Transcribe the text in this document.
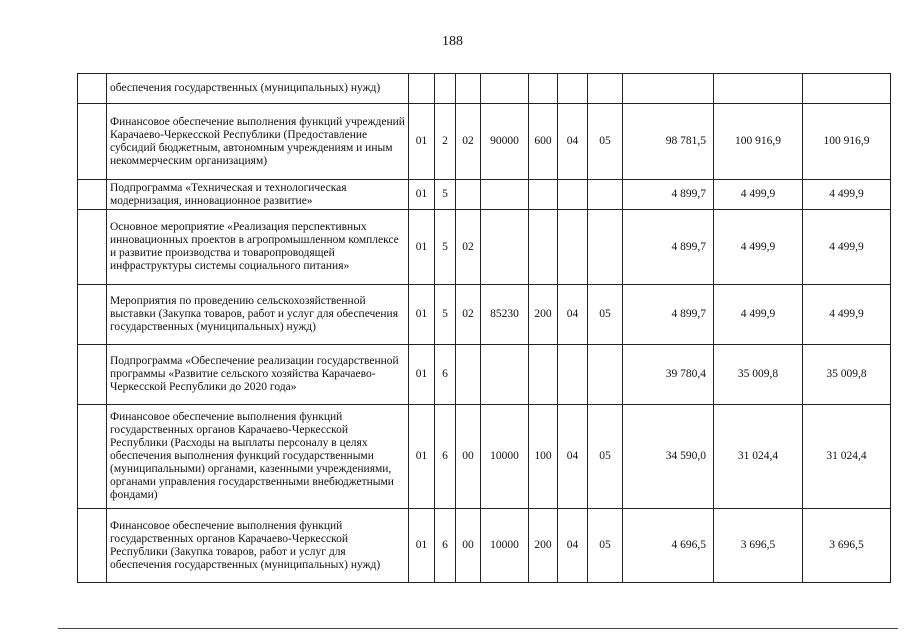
188
	обеспечения государственных (муниципальных) нужд)										
	Финансовое обеспечение выполнения функций учреждений Карачаево-Черкесской Республики (Предоставление субсидий бюджетным, автономным учреждениям и иным некоммерческим организациям)	01	2	02	90000	600	04	05	98 781,5	100 916,9	100 916,9
	Подпрограмма «Техническая и технологическая модернизация, инновационное развитие»	01	5						4 899,7	4 499,9	4 499,9
	Основное мероприятие «Реализация перспективных инновационных проектов в агропромышленном комплексе и развитие производства и товаропроводящей инфраструктуры системы социального питания»	01	5	02					4 899,7	4 499,9	4 499,9
	Мероприятия по проведению сельскохозяйственной выставки (Закупка товаров, работ и услуг для обеспечения государственных (муниципальных) нужд)	01	5	02	85230	200	04	05	4 899,7	4 499,9	4 499,9
	Подпрограмма «Обеспечение реализации государственной программы «Развитие сельского хозяйства Карачаево-Черкесской Республики до 2020 года»	01	6						39 780,4	35 009,8	35 009,8
	Финансовое обеспечение выполнения функций государственных органов Карачаево-Черкесской Республики (Расходы на выплаты персоналу в целях обеспечения выполнения функций государственными (муниципальными) органами, казенными учреждениями, органами управления государственными внебюджетными фондами)	01	6	00	10000	100	04	05	34 590,0	31 024,4	31 024,4
	Финансовое обеспечение выполнения функций государственных органов Карачаево-Черкесской Республики (Закупка товаров, работ и услуг для обеспечения государственных (муниципальных) нужд)	01	6	00	10000	200	04	05	4 696,5	3 696,5	3 696,5
